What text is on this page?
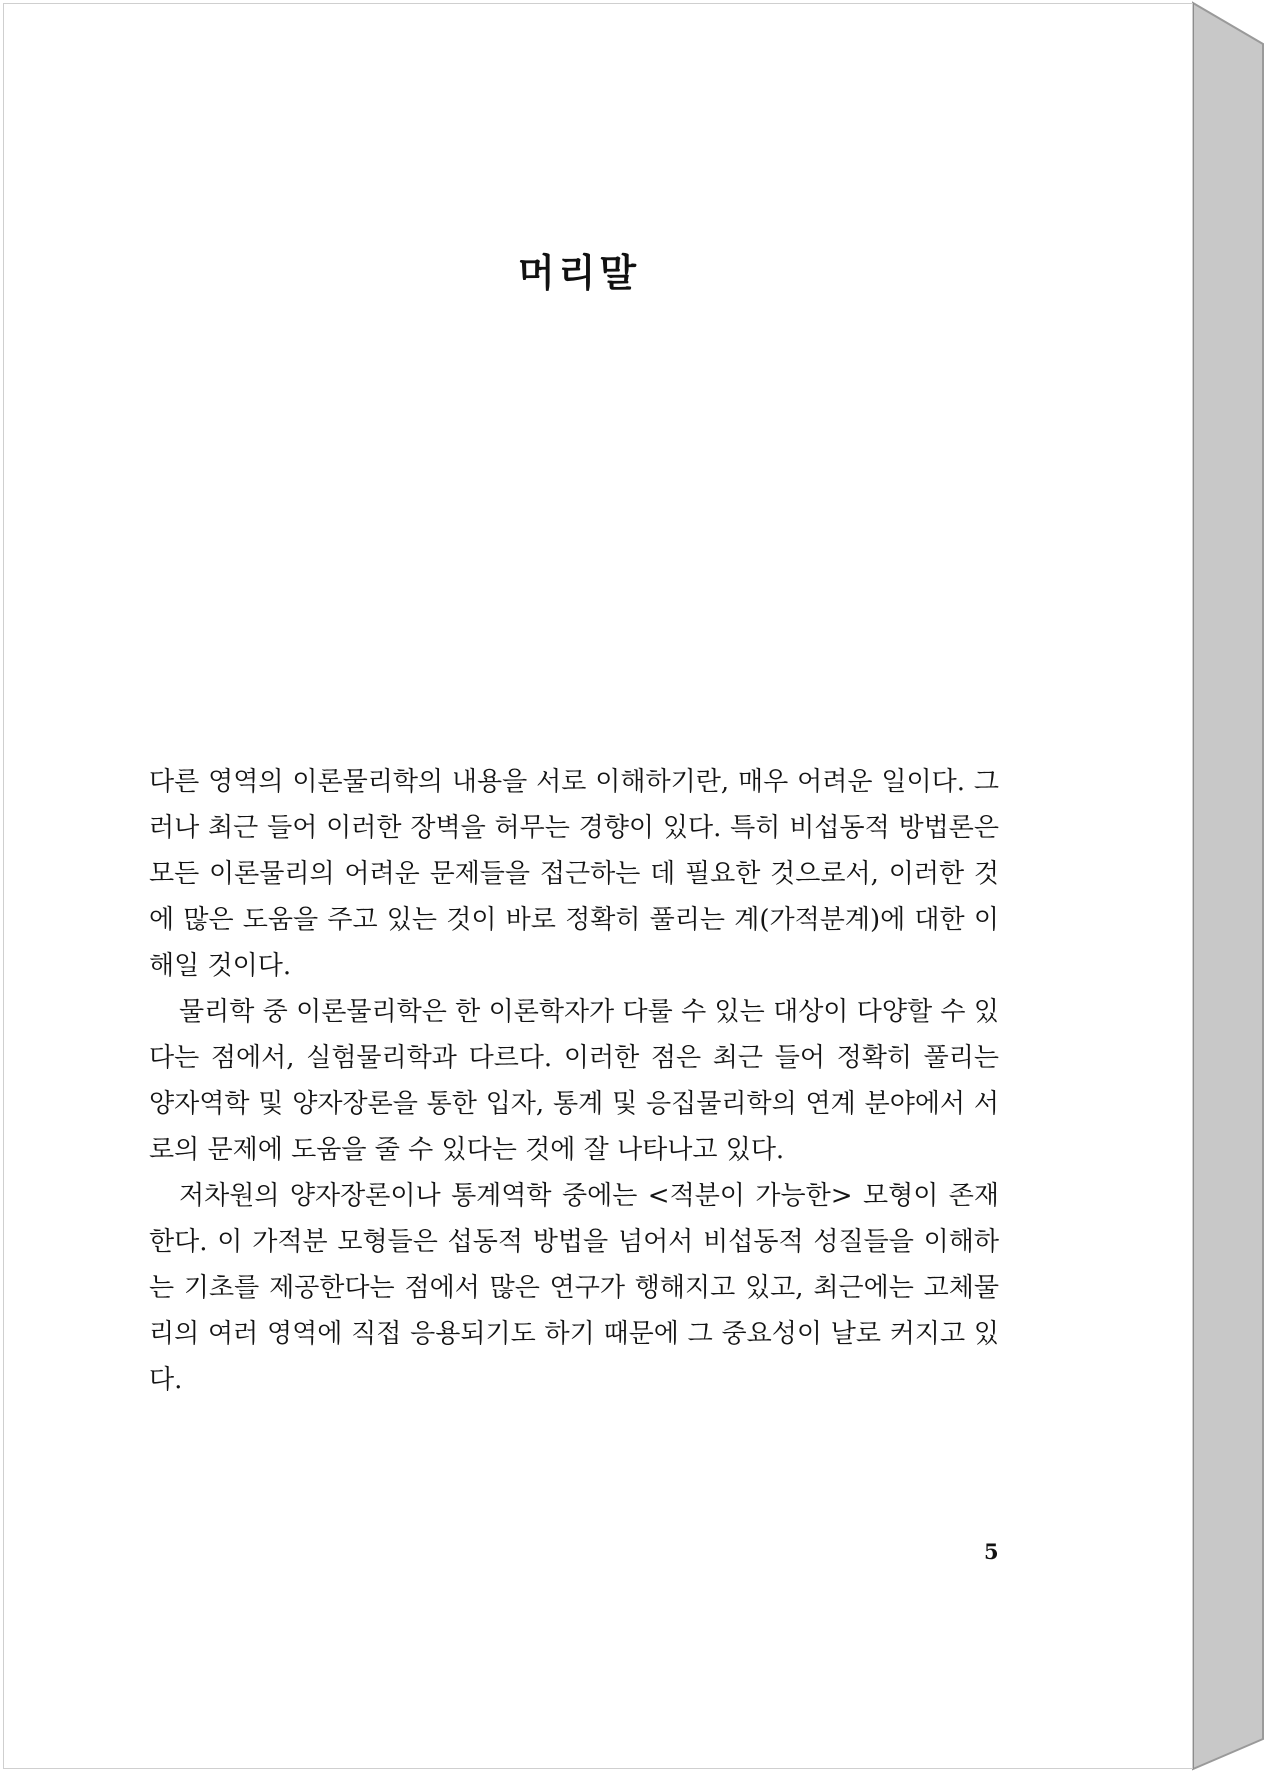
머리말

다른 영역의 이론물리학의 내용을 서로 이해하기란, 매우 어려운 일이다. 그러나 최근 들어 이러한 장벽을 허무는 경향이 있다. 특히 비섭동적 방법론은 모든 이론물리의 어려운 문제들을 접근하는 데 필요한 것으로서, 이러한 것에 많은 도움을 주고 있는 것이 바로 정확히 풀리는 계(가적분계)에 대한 이해일 것이다.

물리학 중 이론물리학은 한 이론학자가 다룰 수 있는 대상이 다양할 수 있다는 점에서, 실험물리학과 다르다. 이러한 점은 최근 들어 정확히 풀리는 양자역학 및 양자장론을 통한 입자, 통계 및 응집물리학의 연계 분야에서 서로의 문제에 도움을 줄 수 있다는 것에 잘 나타나고 있다.

저차원의 양자장론이나 통계역학 중에는 <적분이 가능한> 모형이 존재한다. 이 가적분 모형들은 섭동적 방법을 넘어서 비섭동적 성질들을 이해하는 기초를 제공한다는 점에서 많은 연구가 행해지고 있고, 최근에는 고체물리의 여러 영역에 직접 응용되기도 하기 때문에 그 중요성이 날로 커지고 있다.

5
